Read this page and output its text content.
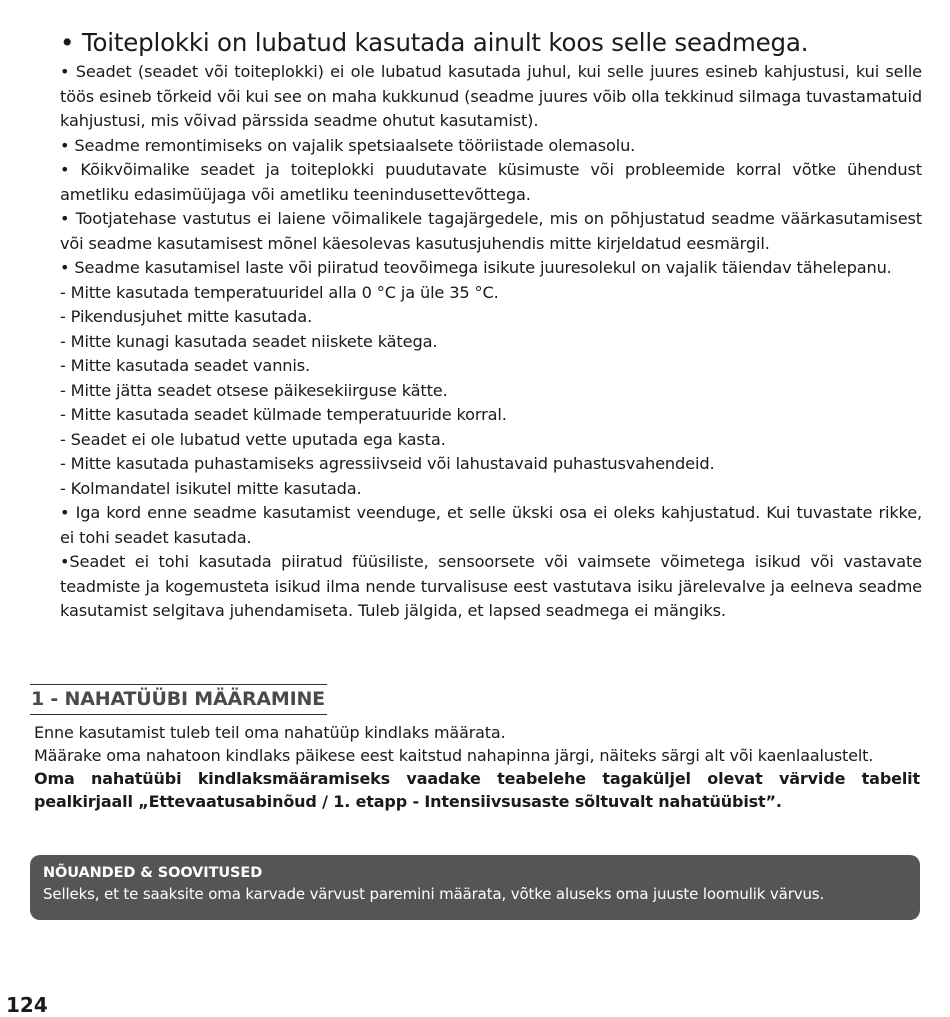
• Toiteplokki on lubatud kasutada ainult koos selle seadmega.

• Seadet (seadet või toiteplokki) ei ole lubatud kasutada juhul, kui selle juures esineb kahjustusi, kui selle töös esineb tõrkeid või kui see on maha kukkunud (seadme juures võib olla tekkinud silmaga tuvastamatuid kahjustusi, mis võivad pärssida seadme ohutut kasutamist).

• Seadme remontimiseks on vajalik spetsiaalsete tööriistade olemasolu.

• Kõikvõimalike seadet ja toiteplokki puudutavate küsimuste või probleemide korral võtke ühendust ametliku edasimüüjaga või ametliku teenindusettevõttega.

• Tootjatehase vastutus ei laiene võimalikele tagajärgedele, mis on põhjustatud seadme väärkasutamisest või seadme kasutamisest mõnel käesolevas kasutusjuhendis mitte kirjeldatud eesmärgil.

• Seadme kasutamisel laste või piiratud teovõimega isikute juuresolekul on vajalik täiendav tähelepanu.

- Mitte kasutada temperatuuridel alla 0 °C ja üle 35 °C.

- Pikendusjuhet mitte kasutada.

- Mitte kunagi kasutada seadet niiskete kätega.

- Mitte kasutada seadet vannis.

- Mitte jätta seadet otsese päikesekiirguse kätte.

- Mitte kasutada seadet külmade temperatuuride korral.

- Seadet ei ole lubatud vette uputada ega kasta.

- Mitte kasutada puhastamiseks agressiivseid või lahustavaid puhastusvahendeid.

- Kolmandatel isikutel mitte kasutada.

• Iga kord enne seadme kasutamist veenduge, et selle ükski osa ei oleks kahjustatud. Kui tuvastate rikke, ei tohi seadet kasutada.

•Seadet ei tohi kasutada piiratud füüsiliste, sensoorsete või vaimsete võimetega isikud või vastavate teadmiste ja kogemusteta isikud ilma nende turvalisuse eest vastutava isiku järelevalve ja eelneva seadme kasutamist selgitava juhendamiseta. Tuleb jälgida, et lapsed seadmega ei mängiks.

1 - NAHATÜÜBI MÄÄRAMINE

Enne kasutamist tuleb teil oma nahatüüp kindlaks määrata.

Määrake oma nahatoon kindlaks päikese eest kaitstud nahapinna järgi, näiteks särgi alt või kaenlaalustelt.

Oma nahatüübi kindlaksmääramiseks vaadake teabelehe tagaküljel olevat värvide tabelit pealkirjaall „Ettevaatusabinõud / 1. etapp - Intensiivsusaste sõltuvalt nahatüübist”.

NÕUANDED & SOOVITUSED
Selleks, et te saaksite oma karvade värvust paremini määrata, võtke aluseks oma juuste loomulik värvus.
124
